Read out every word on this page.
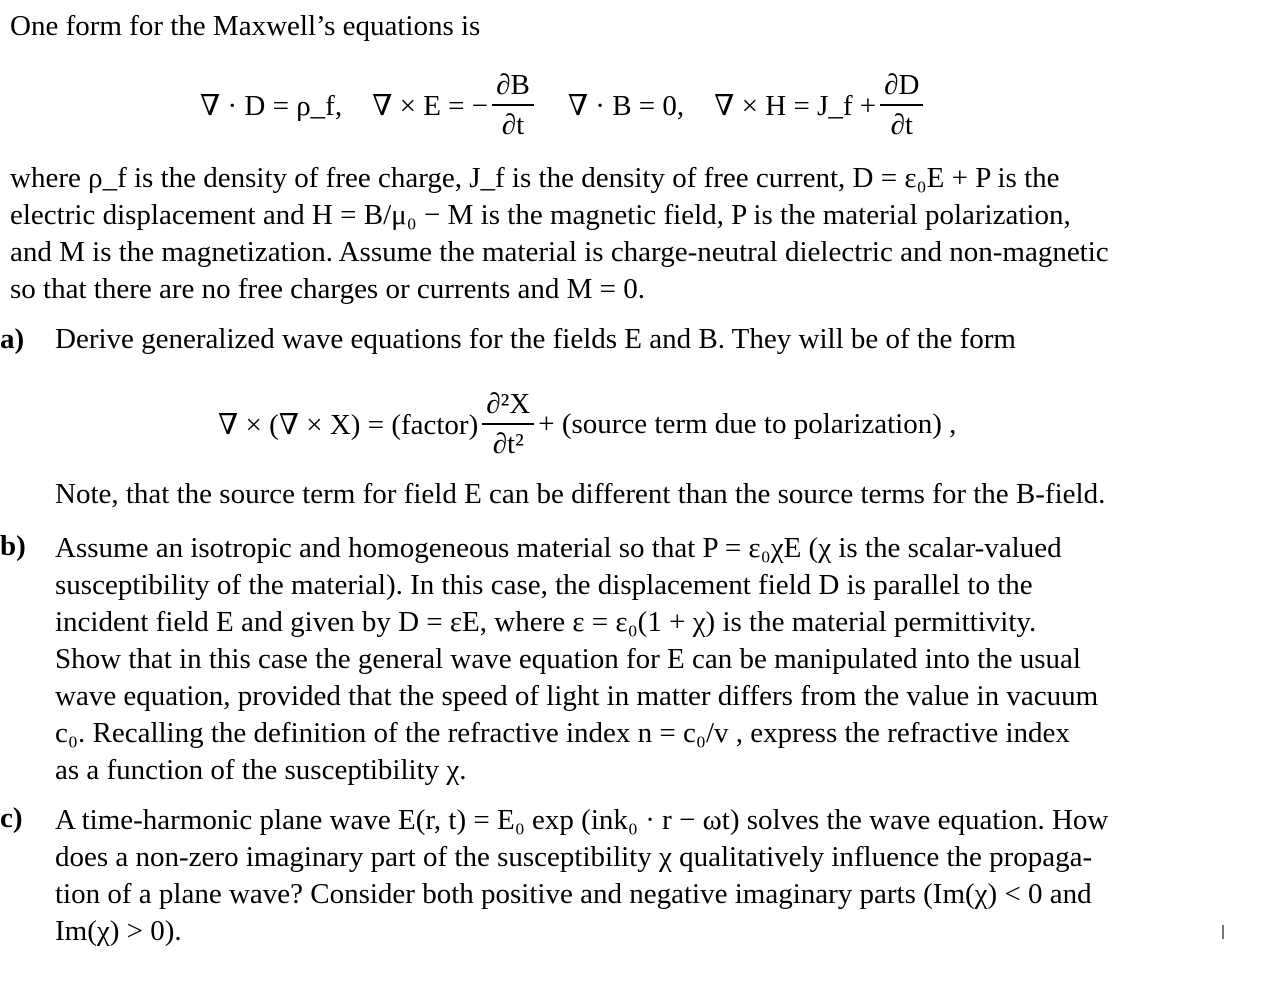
One form for the Maxwell’s equations is
∇ · D = ρ_f, ∇ × E = − $\frac{\partial B}{\partial t}$ ∇ · B = 0, ∇ × H = J_f + $\frac{\partial D}{\partial t}$
where ρ_f is the density of free charge, J_f is the density of free current, D = ε₀E + P is the
electric displacement and H = B/μ₀ − M is the magnetic field, P is the material polarization,
and M is the magnetization. Assume the material is charge-neutral dielectric and non-magnetic
so that there are no free charges or currents and M = 0.
a) Derive generalized wave equations for the fields E and B. They will be of the form
∇ × (∇ × X) = (factor) $\frac{\text{∂²X}}{\text{∂t²}}$ + (source term due to polarization) ,
Note, that the source term for field E can be different than the source terms for the B-field.
b) Assume an isotropic and homogeneous material so that P = ε₀χE (χ is the scalar-valued
susceptibility of the material). In this case, the displacement field D is parallel to the
incident field E and given by D = εE, where ε = ε₀(1 + χ) is the material permittivity.
Show that in this case the general wave equation for E can be manipulated into the usual
wave equation, provided that the speed of light in matter differs from the value in vacuum
c₀. Recalling the definition of the refractive index n = c₀/v , express the refractive index
as a function of the susceptibility χ.
c) A time-harmonic plane wave E(r, t) = E₀ exp (ink₀ · r − ωt) solves the wave equation. How
does a non-zero imaginary part of the susceptibility χ qualitatively influence the propaga-
tion of a plane wave? Consider both positive and negative imaginary parts (Im(χ) < 0 and
Im(χ) > 0).
